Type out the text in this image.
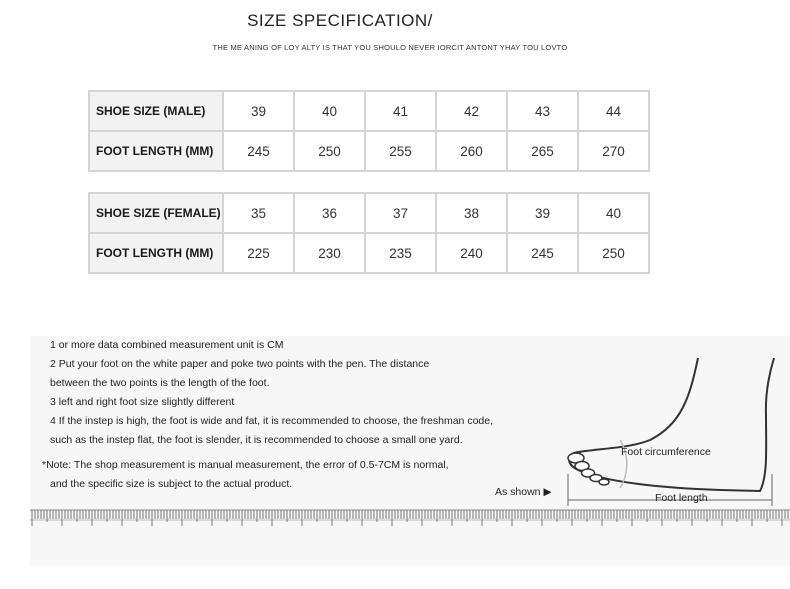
SIZE SPECIFICATION/
THE ME ANING OF LOY ALTY IS THAT YOU SHOULO NEVER IORCIT ANTONT YHAY TOU LOVTO
SHOE SIZE (MALE)	39	40	41	42	43	44
FOOT LENGTH (MM)	245	250	255	260	265	270
SHOE SIZE (FEMALE)	35	36	37	38	39	40
FOOT LENGTH (MM)	225	230	235	240	245	250
1 or more data combined measurement unit is CM
2 Put your foot on the white paper and poke two points with the pen. The distance
between the two points is the length of the foot.
3 left and right foot size slightly different
4 If the instep is high, the foot is wide and fat, it is recommended to choose, the freshman code,
such as the instep flat, the foot is slender, it is recommended to choose a small one yard.
*Note: The shop measurement is manual measurement, the error of 0.5-7CM is normal,
and the specific size is subject to the actual product.
Foot circumference
As shown ▶	Foot length
